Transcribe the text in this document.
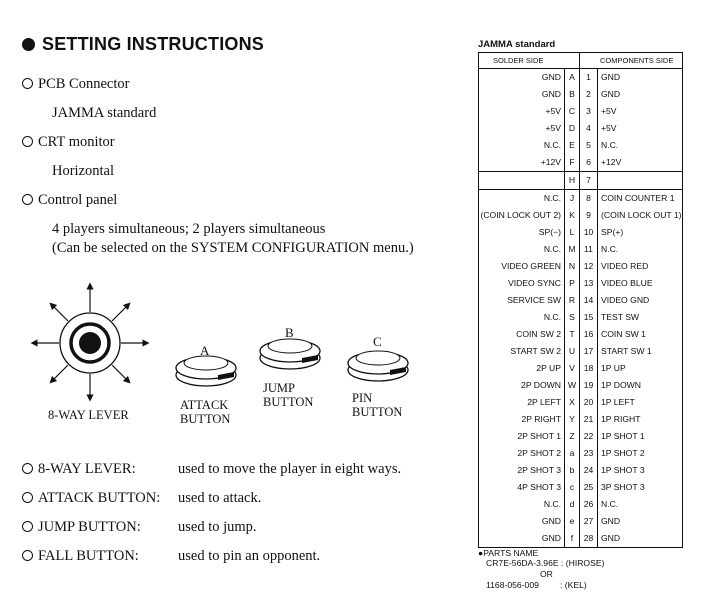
SETTING INSTRUCTIONS
PCB Connector
JAMMA standard
CRT monitor
Horizontal
Control panel
4 players simultaneous; 2 players simultaneous
(Can be selected on the SYSTEM CONFIGURATION menu.)
8-WAY LEVER
A
ATTACK
BUTTON
B
JUMP
BUTTON
C
PIN
BUTTON
8-WAY LEVER:	used to move the player in eight ways.
ATTACK BUTTON: used to attack.
JUMP BUTTON:	used to jump.
FALL BUTTON:	used to pin an opponent.
JAMMA standard
SOLDER SIDE		COMPONENTS SIDE	
GND	A	1	GND
GND	B	2	GND
+5V	C	3	+5V
+5V	D	4	+5V
N.C.	E	5	N.C.
+12V	F	6	+12V
	H	7	
N.C.	J	8	COIN COUNTER 1
(COIN LOCK OUT 2)	K	9	(COIN LOCK OUT 1)
SP(−)	L	10	SP(+)
N.C.	M	11	N.C.
VIDEO GREEN	N	12	VIDEO RED
VIDEO SYNC	P	13	VIDEO BLUE
SERVICE SW	R	14	VIDEO GND
N.C.	S	15	TEST SW
COIN SW 2	T	16	COIN SW 1
START SW 2	U	17	START SW 1
2P UP	V	18	1P UP
2P DOWN	W	19	1P DOWN
2P LEFT	X	20	1P LEFT
2P RIGHT	Y	21	1P RIGHT
2P SHOT 1	Z	22	1P SHOT 1
2P SHOT 2	a	23	1P SHOT 2
2P SHOT 3	b	24	1P SHOT 3
4P SHOT 3	c	25	3P SHOT 3
N.C.	d	26	N.C.
GND	e	27	GND
GND	f	28	GND
●PARTS NAME
CR7E-56DA-3.96E : (HIROSE)
OR
1168-056-009 : (KEL)
